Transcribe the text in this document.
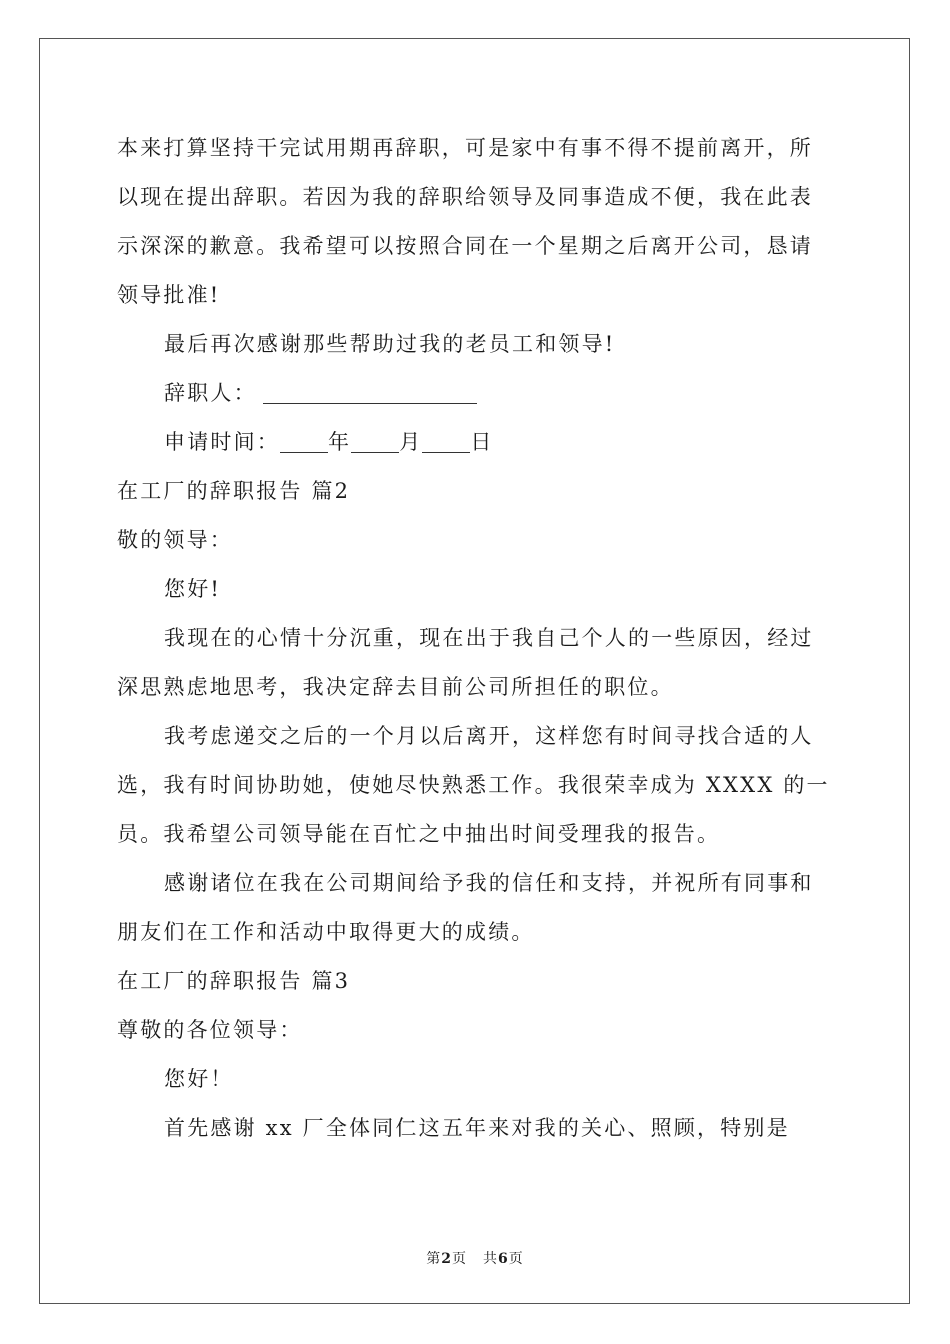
本来打算坚持干完试用期再辞职，可是家中有事不得不提前离开，所
以现在提出辞职。若因为我的辞职给领导及同事造成不便，我在此表
示深深的歉意。我希望可以按照合同在一个星期之后离开公司，恳请
领导批准!
最后再次感谢那些帮助过我的老员工和领导!
辞职人：
申请时间： 年 月 日
在工厂的辞职报告 篇2
敬的领导：
您好!
我现在的心情十分沉重，现在出于我自己个人的一些原因，经过
深思熟虑地思考，我决定辞去目前公司所担任的职位。
我考虑递交之后的一个月以后离开，这样您有时间寻找合适的人
选，我有时间协助她，使她尽快熟悉工作。我很荣幸成为 XXXX 的一
员。我希望公司领导能在百忙之中抽出时间受理我的报告。
感谢诸位在我在公司期间给予我的信任和支持，并祝所有同事和
朋友们在工作和活动中取得更大的成绩。
在工厂的辞职报告 篇3
尊敬的各位领导：
您好！
首先感谢 xx 厂全体同仁这五年来对我的关心、照顾，特别是
第2页 共6页
